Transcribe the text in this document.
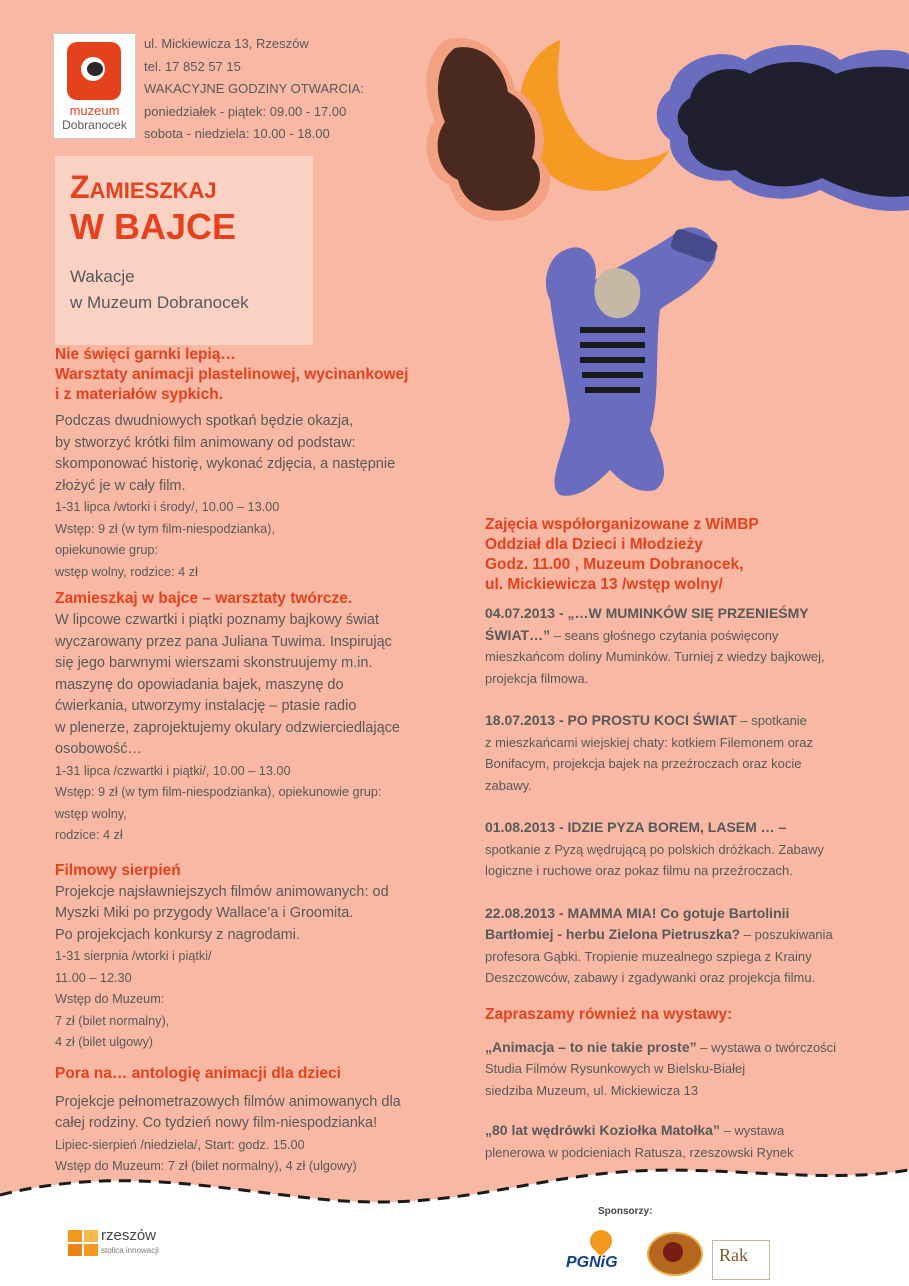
muzeum
Dobranocek

ul. Mickiewicza 13, Rzeszów

tel. 17 852 57 15

WAKACYJNE GODZINY OTWARCIA:

poniedziałek - piątek: 09.00 - 17.00

sobota - niedziela: 10.00 - 18.00

Zamieszkaj
W BAJCE

Wakacje

w Muzeum Dobranocek

Nie święci garnki lepią…

Warsztaty animacji plastelinowej, wycinankowej

i z materiałów sypkich.

Podczas dwudniowych spotkań będzie okazja,

by stworzyć krótki film animowany od podstaw:

skomponować historię, wykonać zdjęcia, a następnie

złożyć je w cały film.

1-31 lipca /wtorki i środy/, 10.00 – 13.00

Wstęp: 9 zł (w tym film-niespodzianka),

opiekunowie grup:

wstęp wolny, rodzice: 4 zł

Zamieszkaj w bajce – warsztaty twórcze.

W lipcowe czwartki i piątki poznamy bajkowy świat

wyczarowany przez pana Juliana Tuwima. Inspirując

się jego barwnymi wierszami skonstruujemy m.in.

maszynę do opowiadania bajek, maszynę do

ćwierkania, utworzymy instalację – ptasie radio

w plenerze, zaprojektujemy okulary odzwierciedlające

osobowość…

1-31 lipca /czwartki i piątki/, 10.00 – 13.00

Wstęp: 9 zł (w tym film-niespodzianka), opiekunowie grup:

wstęp wolny,

rodzice: 4 zł

Filmowy sierpień

Projekcje najsławniejszych filmów animowanych: od

Myszki Miki po przygody Wallace’a i Groomita.

Po projekcjach konkursy z nagrodami.

1-31 sierpnia /wtorki i piątki/

11.00 – 12.30

Wstęp do Muzeum:

7 zł (bilet normalny),

4 zł (bilet ulgowy)

Pora na… antologię animacji dla dzieci

Projekcje pełnometrazowych filmów animowanych dla

całej rodziny. Co tydzień nowy film-niespodzianka!

Lipiec-sierpień /niedziela/, Start: godz. 15.00

Wstęp do Muzeum: 7 zł (bilet normalny), 4 zł (ulgowy)

Zajęcia współorganizowane z WiMBP

Oddział dla Dzieci i Młodzieży

Godz. 11.00 , Muzeum Dobranocek,

ul. Mickiewicza 13 /wstęp wolny/

04.07.2013 - „…W MUMINKÓW SIĘ PRZENIEŚMY

ŚWIAT…” – seans głośnego czytania poświęcony

mieszkańcom doliny Muminków. Turniej z wiedzy bajkowej,

projekcja filmowa.

18.07.2013 - PO PROSTU KOCI ŚWIAT – spotkanie

z mieszkańcami wiejskiej chaty: kotkiem Filemonem oraz

Bonifacym, projekcja bajek na przeźroczach oraz kocie

zabawy.

01.08.2013 - IDZIE PYZA BOREM, LASEM … –

spotkanie z Pyzą wędrującą po polskich dróżkach. Zabawy

logiczne i ruchowe oraz pokaz filmu na przeźroczach.

22.08.2013 - MAMMA MIA! Co gotuje Bartolinii

Bartłomiej - herbu Zielona Pietruszka? – poszukiwania

profesora Gąbki. Tropienie muzealnego szpiega z Krainy

Deszczowców, zabawy i zgadywanki oraz projekcja filmu.

Zapraszamy również na wystawy:

„Animacja – to nie takie proste” – wystawa o twórczości

Studia Filmów Rysunkowych w Bielsku-Białej

siedziba Muzeum, ul. Mickiewicza 13

„80 lat wędrówki Koziołka Matołka” – wystawa

plenerowa w podcieniach Ratusza, rzeszowski Rynek

rzeszów
stolica innowacji
Sponsorzy:
PGNiG	Rak
